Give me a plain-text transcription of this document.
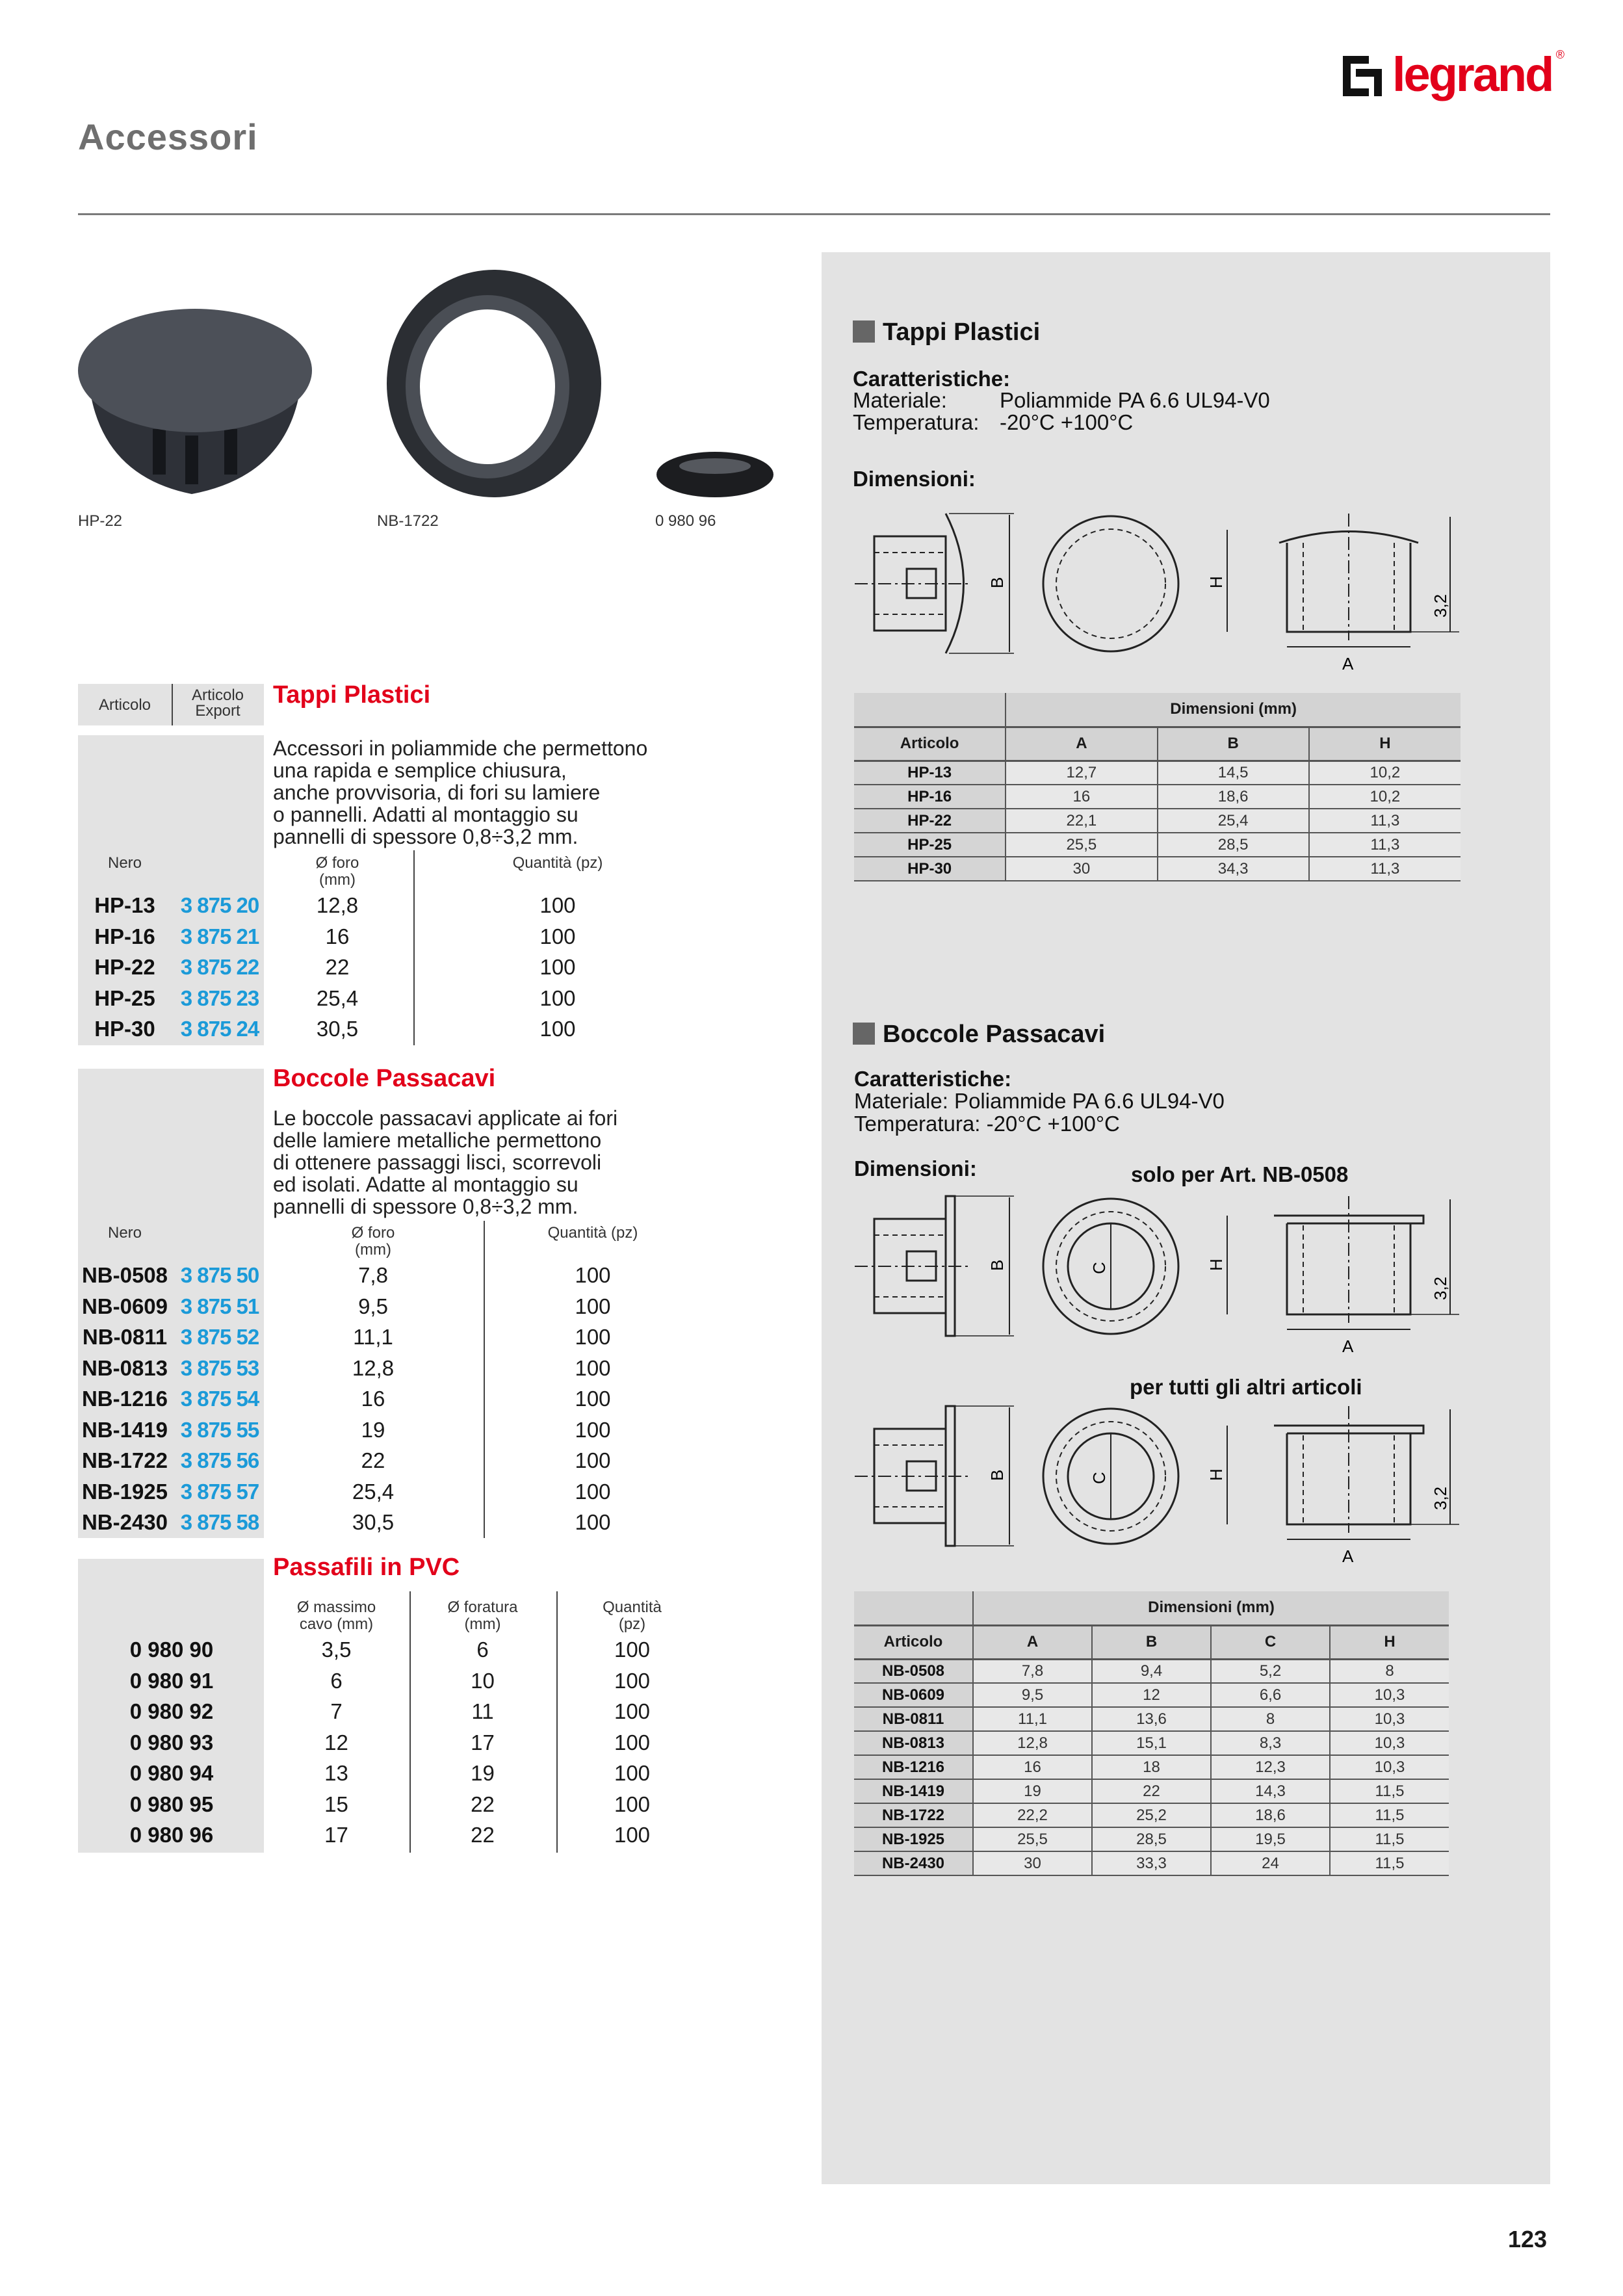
Accessori
legrand ®
HP-22	NB-1722	0 980 96
Articolo
Articolo Export
Tappi Plastici
Accessori in poliammide che permettono
una rapida e semplice chiusura,
anche provvisoria, di fori su lamiere
o pannelli. Adatti al montaggio su
pannelli di spessore 0,8÷3,2 mm.
Nero	Ø foro
(mm)
Quantità (pz)
HP-13	3 875 20	12,8	100
HP-16	3 875 21	16	100
HP-22	3 875 22	22	100
HP-25	3 875 23	25,4	100
HP-30	3 875 24	30,5	100
Boccole Passacavi
Le boccole passacavi applicate ai fori
delle lamiere metalliche permettono
di ottenere passaggi lisci, scorrevoli
ed isolati. Adatte al montaggio su
pannelli di spessore 0,8÷3,2 mm.
Nero	Ø foro
(mm)
Quantità (pz)
NB-0508 3 875 50	7,8	100
NB-0609 3 875 51	9,5	100
NB-0811 3 875 52	11,1	100
NB-0813 3 875 53	12,8	100
NB-1216 3 875 54	16	100
NB-1419 3 875 55	19	100
NB-1722 3 875 56	22	100
NB-1925 3 875 57	25,4	100
NB-2430 3 875 58	30,5	100
Passafili in PVC
Ø massimo
cavo (mm)
Ø foratura
(mm)
Quantità
(pz)
0 980 90	3,5	6	100
0 980 91	6	10	100
0 980 92	7	11	100
0 980 93	12	17	100
0 980 94	13	19	100
0 980 95	15	22	100
0 980 96	17	22	100
Tappi Plastici
Caratteristiche:
Materiale: Poliammide PA 6.6 UL94-V0
Temperatura: -20°C +100°C
Dimensioni:
B	H
A
3,2
	Dimensioni (mm)		
Articolo	A	B	H
HP-13	12,7	14,5	10,2
HP-16	16	18,6	10,2
HP-22	22,1	25,4	11,3
HP-25	25,5	28,5	11,3
HP-30	30	34,3	11,3
Boccole Passacavi
Caratteristiche:
Materiale: Poliammide PA 6.6 UL94-V0
Temperatura: -20°C +100°C
Dimensioni:	solo per Art. NB-0508
B	C	H
A
3,2
per tutti gli altri articoli
B	C	H
A
3,2
	Dimensioni (mm)			
Articolo	A	B	C	H
NB-0508	7,8	9,4	5,2	8
NB-0609	9,5	12	6,6	10,3
NB-0811	11,1	13,6	8	10,3
NB-0813	12,8	15,1	8,3	10,3
NB-1216	16	18	12,3	10,3
NB-1419	19	22	14,3	11,5
NB-1722	22,2	25,2	18,6	11,5
NB-1925	25,5	28,5	19,5	11,5
NB-2430	30	33,3	24	11,5
123
